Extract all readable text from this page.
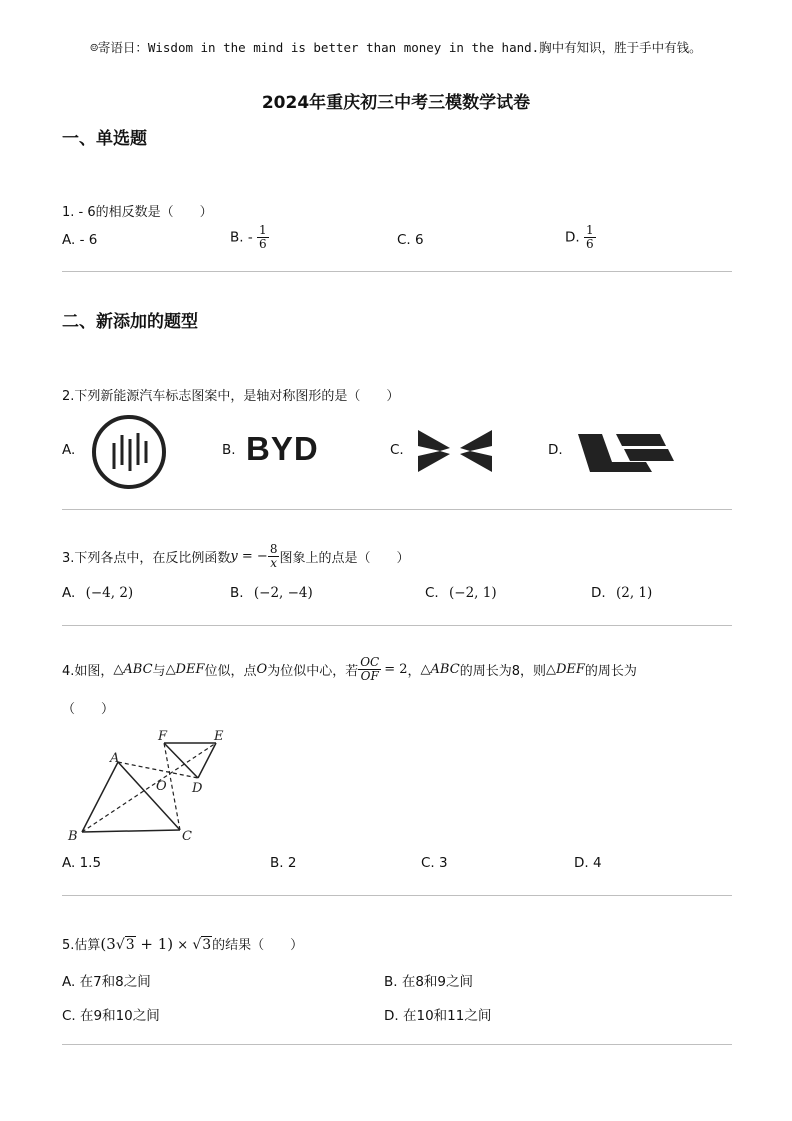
☺寄语日：Wisdom in the mind is better than money in the hand.胸中有知识，胜于手中有钱。
2024年重庆初三中考三模数学试卷
一、单选题
1. - 6的相反数是（　　）
A. - 6	B. - $\frac{1}{6}$	C. 6	D. $\frac{1}{6}$
二、新添加的题型
2.下列新能源汽车标志图案中，是轴对称图形的是（　　）
A.	B. BYD	C.	D.
3.下列各点中，在反比例函数y = − $\frac{8}{x}$ 图象上的点是（　　）
A. (−4, 2)	B. (−2, −4)	C. (−2, 1)	D. (2, 1)
4.如图，△ABC与△DEF位似，点O为位似中心，若 $\frac{OC}{OF} = 2$，△ABC的周长为8，则△DEF的周长为
（　　）
A
B	C
D
E
F
O
A. 1.5	B. 2	C. 3	D. 4
5.估算(3√3 + 1) × √3的结果（　　）
A. 在7和8之间	B. 在8和9之间
C. 在9和10之间	D. 在10和11之间
